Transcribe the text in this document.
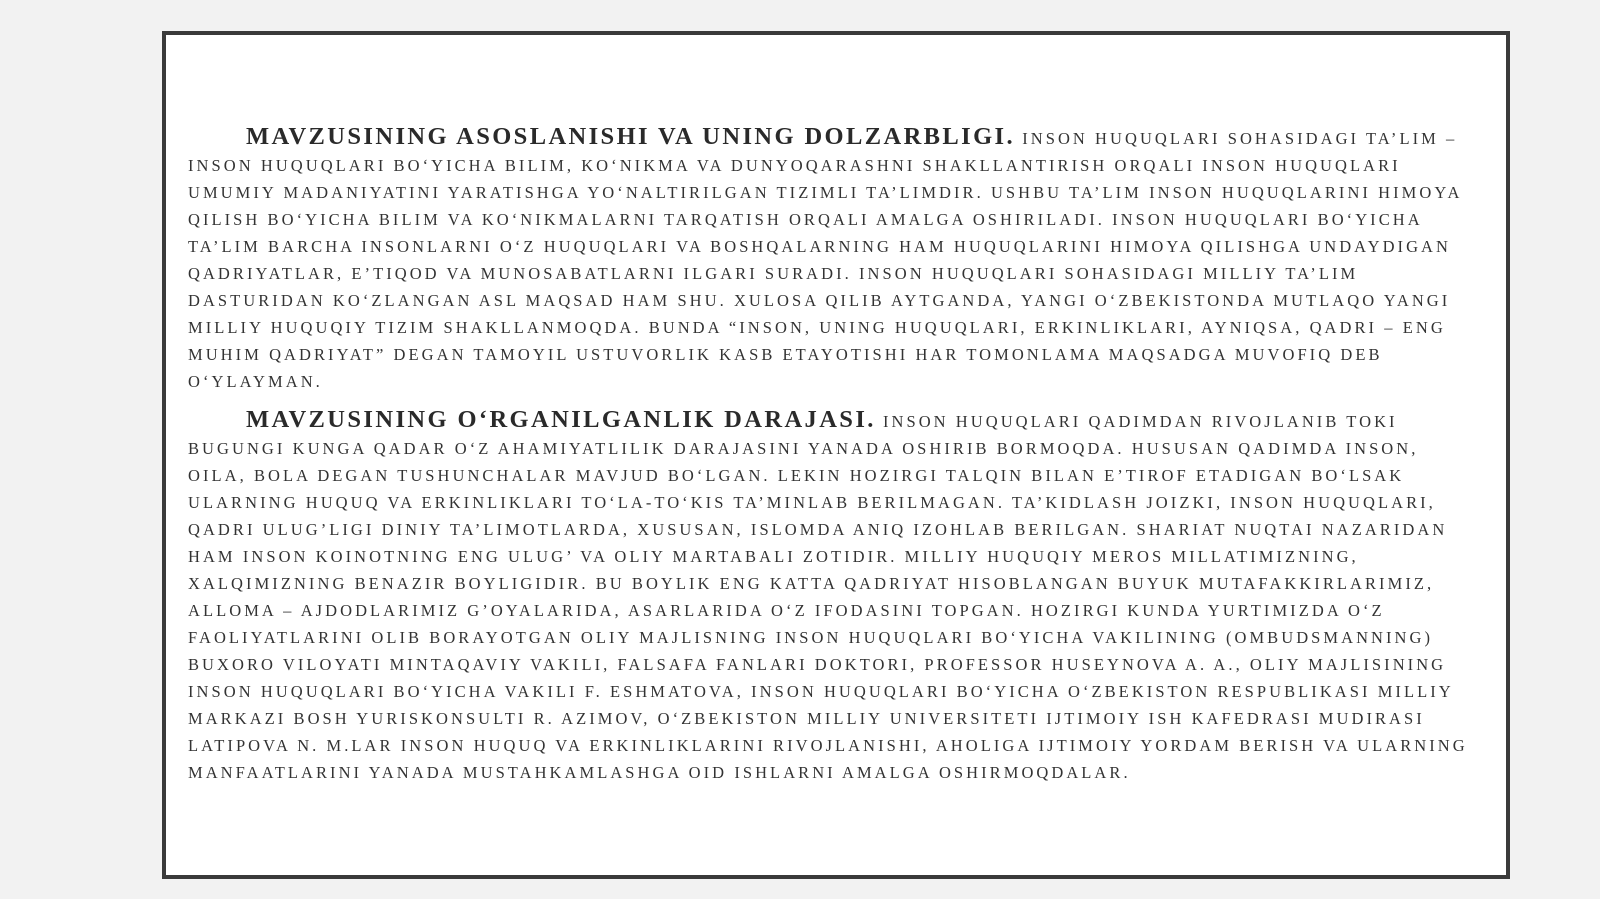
MAVZUSINING ASOSLANISHI VA UNING DOLZARBLIGI. INSON HUQUQLARI SOHASIDAGI TA’LIM – INSON HUQUQLARI BO‘YICHA BILIM, KO‘NIKMA VA DUNYOQARASHNI SHAKLLANTIRISH ORQALI INSON HUQUQLARI UMUMIY MADANIYATINI YARATISHGA YO‘NALTIRILGAN TIZIMLI TA’LIMDIR. USHBU TA’LIM INSON HUQUQLARINI HIMOYA QILISH BO‘YICHA BILIM VA KO‘NIKMALARNI TARQATISH ORQALI AMALGA OSHIRILADI. INSON HUQUQLARI BO‘YICHA TA’LIM BARCHA INSONLARNI O‘Z HUQUQLARI VA BOSHQALARNING HAM HUQUQLARINI HIMOYA QILISHGA UNDAYDIGAN QADRIYATLAR, E’TIQOD VA MUNOSABATLARNI ILGARI SURADI. INSON HUQUQLARI SOHASIDAGI MILLIY TA’LIM DASTURIDAN KO‘ZLANGAN ASL MAQSAD HAM SHU. XULOSA QILIB AYTGANDA, YANGI O‘ZBEKISTONDA MUTLAQO YANGI MILLIY HUQUQIY TIZIM SHAKLLANMOQDA. BUNDA “INSON, UNING HUQUQLARI, ERKINLIKLARI, AYNIQSA, QADRI – ENG MUHIM QADRIYAT” DEGAN TAMOYIL USTUVORLIK KASB ETAYOTISHI HAR TOMONLAMA MAQSADGA MUVOFIQ DEB O‘YLAYMAN.

MAVZUSINING O‘RGANILGANLIK DARAJASI. INSON HUQUQLARI QADIMDAN RIVOJLANIB TOKI BUGUNGI KUNGA QADAR O‘Z AHAMIYATLILIK DARAJASINI YANADA OSHIRIB BORMOQDA. HUSUSAN QADIMDA INSON, OILA, BOLA DEGAN TUSHUNCHALAR MAVJUD BO‘LGAN. LEKIN HOZIRGI TALQIN BILAN E’TIROF ETADIGAN BO‘LSAK ULARNING HUQUQ VA ERKINLIKLARI TO‘LA-TO‘KIS TA’MINLAB BERILMAGAN. TA’KIDLASH JOIZKI, INSON HUQUQLARI, QADRI ULUG’LIGI DINIY TA’LIMOTLARDA, XUSUSAN, ISLOMDA ANIQ IZOHLAB BERILGAN. SHARIAT NUQTAI NAZARIDAN HAM INSON KOINOTNING ENG ULUG’ VA OLIY MARTABALI ZOTIDIR. MILLIY HUQUQIY MEROS MILLATIMIZNING, XALQIMIZNING BENAZIR BOYLIGIDIR. BU BOYLIK ENG KATTA QADRIYAT HISOBLANGAN BUYUK MUTAFAKKIRLARIMIZ, ALLOMA – AJDODLARIMIZ G’OYALARIDA, ASARLARIDA O‘Z IFODASINI TOPGAN. HOZIRGI KUNDA YURTIMIZDA O‘Z FAOLIYATLARINI OLIB BORAYOTGAN OLIY MAJLISNING INSON HUQUQLARI BO‘YICHA VAKILINING (OMBUDSMANNING) BUXORO VILOYATI MINTAQAVIY VAKILI, FALSAFA FANLARI DOKTORI, PROFESSOR HUSEYNOVA A. A., OLIY MAJLISINING INSON HUQUQLARI BO‘YICHA VAKILI F. ESHMATOVA, INSON HUQUQLARI BO‘YICHA O‘ZBEKISTON RESPUBLIKASI MILLIY MARKAZI BOSH YURISKONSULTI R. AZIMOV, O‘ZBEKISTON MILLIY UNIVERSITETI IJTIMOIY ISH KAFEDRASI MUDIRASI LATIPOVA N. M.LAR INSON HUQUQ VA ERKINLIKLARINI RIVOJLANISHI, AHOLIGA IJTIMOIY YORDAM BERISH VA ULARNING MANFAATLARINI YANADA MUSTAHKAMLASHGA OID ISHLARNI AMALGA OSHIRMOQDALAR.
